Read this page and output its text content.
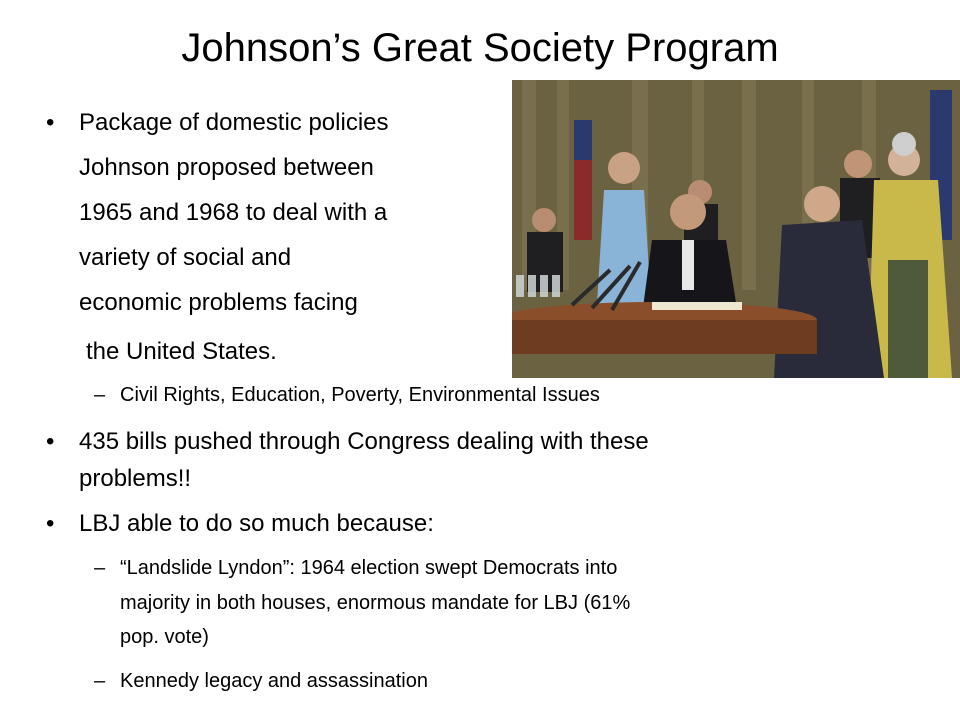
Johnson’s Great Society Program
• Package of domestic policies
Johnson proposed between
1965 and 1968 to deal with a
variety of social and
economic problems facing
the United States.
– Civil Rights, Education, Poverty, Environmental Issues
• 435 bills pushed through Congress dealing with these
problems!!
• LBJ able to do so much because:
– “Landslide Lyndon”: 1964 election swept Democrats into
majority in both houses, enormous mandate for LBJ (61%
pop. vote)
– Kennedy legacy and assassination
